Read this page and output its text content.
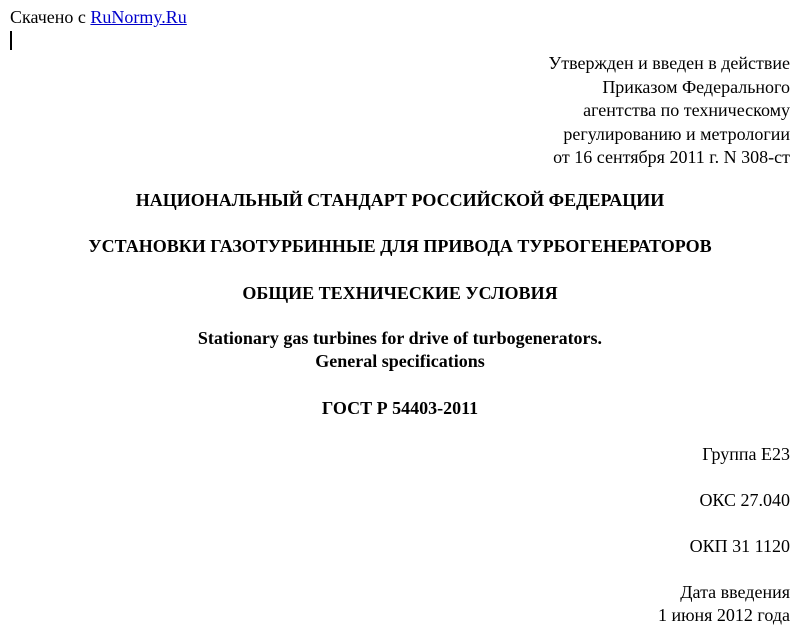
Скачено с RuNormy.Ru
Утвержден и введен в действие
Приказом Федерального
агентства по техническому
регулированию и метрологии
от 16 сентября 2011 г. N 308-ст
НАЦИОНАЛЬНЫЙ СТАНДАРТ РОССИЙСКОЙ ФЕДЕРАЦИИ
УСТАНОВКИ ГАЗОТУРБИННЫЕ ДЛЯ ПРИВОДА ТУРБОГЕНЕРАТОРОВ
ОБЩИЕ ТЕХНИЧЕСКИЕ УСЛОВИЯ
Stationary gas turbines for drive of turbogenerators.
General specifications
ГОСТ Р 54403-2011
Группа Е23
ОКС 27.040
ОКП 31 1120
Дата введения
1 июня 2012 года
